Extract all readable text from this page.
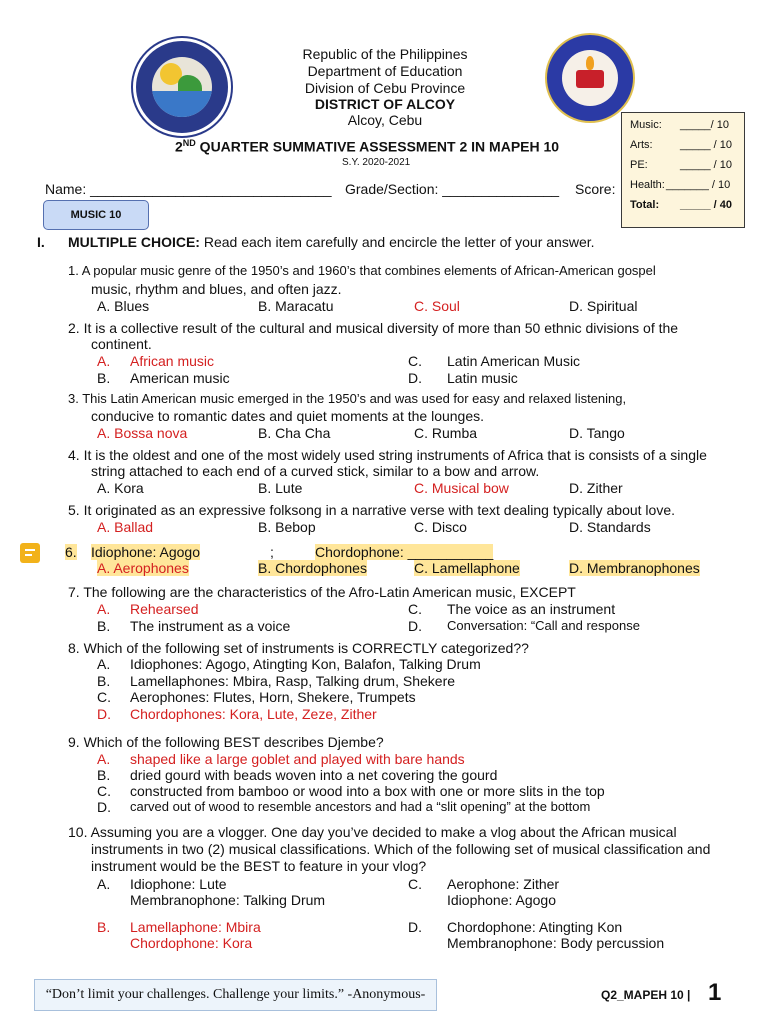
Republic of the Philippines
Department of Education
Division of Cebu Province
DISTRICT OF ALCOY
Alcoy, Cebu
2ND QUARTER SUMMATIVE ASSESSMENT 2 IN MAPEH 10
S.Y. 2020-2021
Music: _____/ 10
Arts: _____ / 10
PE:	_____ / 10
Health: _______ / 10
Total: _____ / 40
Name: _______________________________ Grade/Section: _______________ Score:
MUSIC 10
I. MULTIPLE CHOICE: Read each item carefully and encircle the letter of your answer.
1. A popular music genre of the 1950’s and 1960’s that combines elements of African-American gospel
music, rhythm and blues, and often jazz.
A. Blues	B. Maracatu	C. Soul	D. Spiritual
2. It is a collective result of the cultural and musical diversity of more than 50 ethnic divisions of the
continent.
A. African music	C. Latin American Music
B. American music	D. Latin music
3. This Latin American music emerged in the 1950’s and was used for easy and relaxed listening,
conducive to romantic dates and quiet moments at the lounges.
A. Bossa nova	B. Cha Cha	C. Rumba	D. Tango
4. It is the oldest and one of the most widely used string instruments of Africa that is consists of a single
string attached to each end of a curved stick, similar to a bow and arrow.
A. Kora	B. Lute	C. Musical bow	D. Zither
5. It originated as an expressive folksong in a narrative verse with text dealing typically about love.
A. Ballad	B. Bebop	C. Disco	D. Standards
6. Idiophone: Agogo	;	Chordophone: ___________
A. Aerophones	B. Chordophones	C. Lamellaphone	D. Membranophones
7. The following are the characteristics of the Afro-Latin American music, EXCEPT
A. Rehearsed	C. The voice as an instrument
B. The instrument as a voice	D. Conversation: “Call and response
8. Which of the following set of instruments is CORRECTLY categorized??
A. Idiophones: Agogo, Atingting Kon, Balafon, Talking Drum
B. Lamellaphones: Mbira, Rasp, Talking drum, Shekere
C. Aerophones: Flutes, Horn, Shekere, Trumpets
D. Chordophones: Kora, Lute, Zeze, Zither
9. Which of the following BEST describes Djembe?
A. shaped like a large goblet and played with bare hands
B. dried gourd with beads woven into a net covering the gourd
C. constructed from bamboo or wood into a box with one or more slits in the top
D. carved out of wood to resemble ancestors and had a “slit opening” at the bottom
10. Assuming you are a vlogger. One day you’ve decided to make a vlog about the African musical
instruments in two (2) musical classifications. Which of the following set of musical classification and
instrument would be the BEST to feature in your vlog?
A. Idiophone: Lute
Membranophone: Talking Drum
C. Aerophone: Zither
Idiophone: Agogo
B. Lamellaphone: Mbira
Chordophone: Kora
D. Chordophone: Atingting Kon
Membranophone: Body percussion
“Don’t limit your challenges. Challenge your limits.” -Anonymous-	Q2_MAPEH 10 | 1
